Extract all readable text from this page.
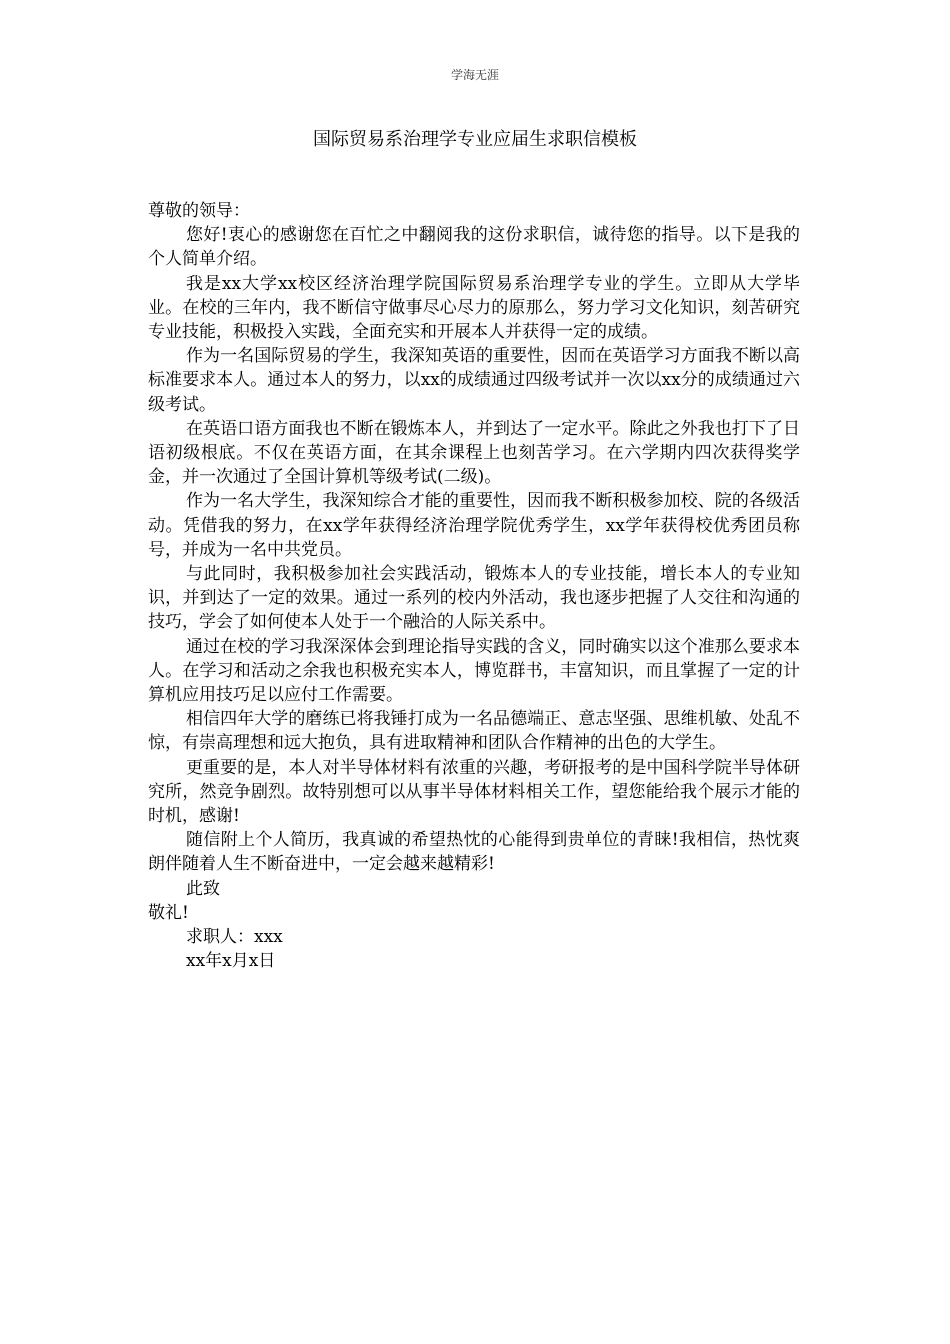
学海无涯
国际贸易系治理学专业应届生求职信模板

尊敬的领导：

您好!衷心的感谢您在百忙之中翻阅我的这份求职信，诚待您的指导。以下是我的个人简单介绍。

我是xx大学xx校区经济治理学院国际贸易系治理学专业的学生。立即从大学毕业。在校的三年内，我不断信守做事尽心尽力的原那么，努力学习文化知识，刻苦研究专业技能，积极投入实践，全面充实和开展本人并获得一定的成绩。

作为一名国际贸易的学生，我深知英语的重要性，因而在英语学习方面我不断以高标准要求本人。通过本人的努力，以xx的成绩通过四级考试并一次以xx分的成绩通过六级考试。

在英语口语方面我也不断在锻炼本人，并到达了一定水平。除此之外我也打下了日语初级根底。不仅在英语方面，在其余课程上也刻苦学习。在六学期内四次获得奖学金，并一次通过了全国计算机等级考试(二级)。

作为一名大学生，我深知综合才能的重要性，因而我不断积极参加校、院的各级活动。凭借我的努力，在xx学年获得经济治理学院优秀学生，xx学年获得校优秀团员称号，并成为一名中共党员。

与此同时，我积极参加社会实践活动，锻炼本人的专业技能，增长本人的专业知识，并到达了一定的效果。通过一系列的校内外活动，我也逐步把握了人交往和沟通的技巧，学会了如何使本人处于一个融洽的人际关系中。

通过在校的学习我深深体会到理论指导实践的含义，同时确实以这个准那么要求本人。在学习和活动之余我也积极充实本人，博览群书，丰富知识，而且掌握了一定的计算机应用技巧足以应付工作需要。

相信四年大学的磨练已将我锤打成为一名品德端正、意志坚强、思维机敏、处乱不惊，有崇高理想和远大抱负，具有进取精神和团队合作精神的出色的大学生。

更重要的是，本人对半导体材料有浓重的兴趣，考研报考的是中国科学院半导体研究所，然竞争剧烈。故特别想可以从事半导体材料相关工作，望您能给我个展示才能的时机，感谢!

随信附上个人简历，我真诚的希望热忱的心能得到贵单位的青睐!我相信，热忱爽朗伴随着人生不断奋进中，一定会越来越精彩!

此致

敬礼!

求职人：xxx

xx年x月x日
